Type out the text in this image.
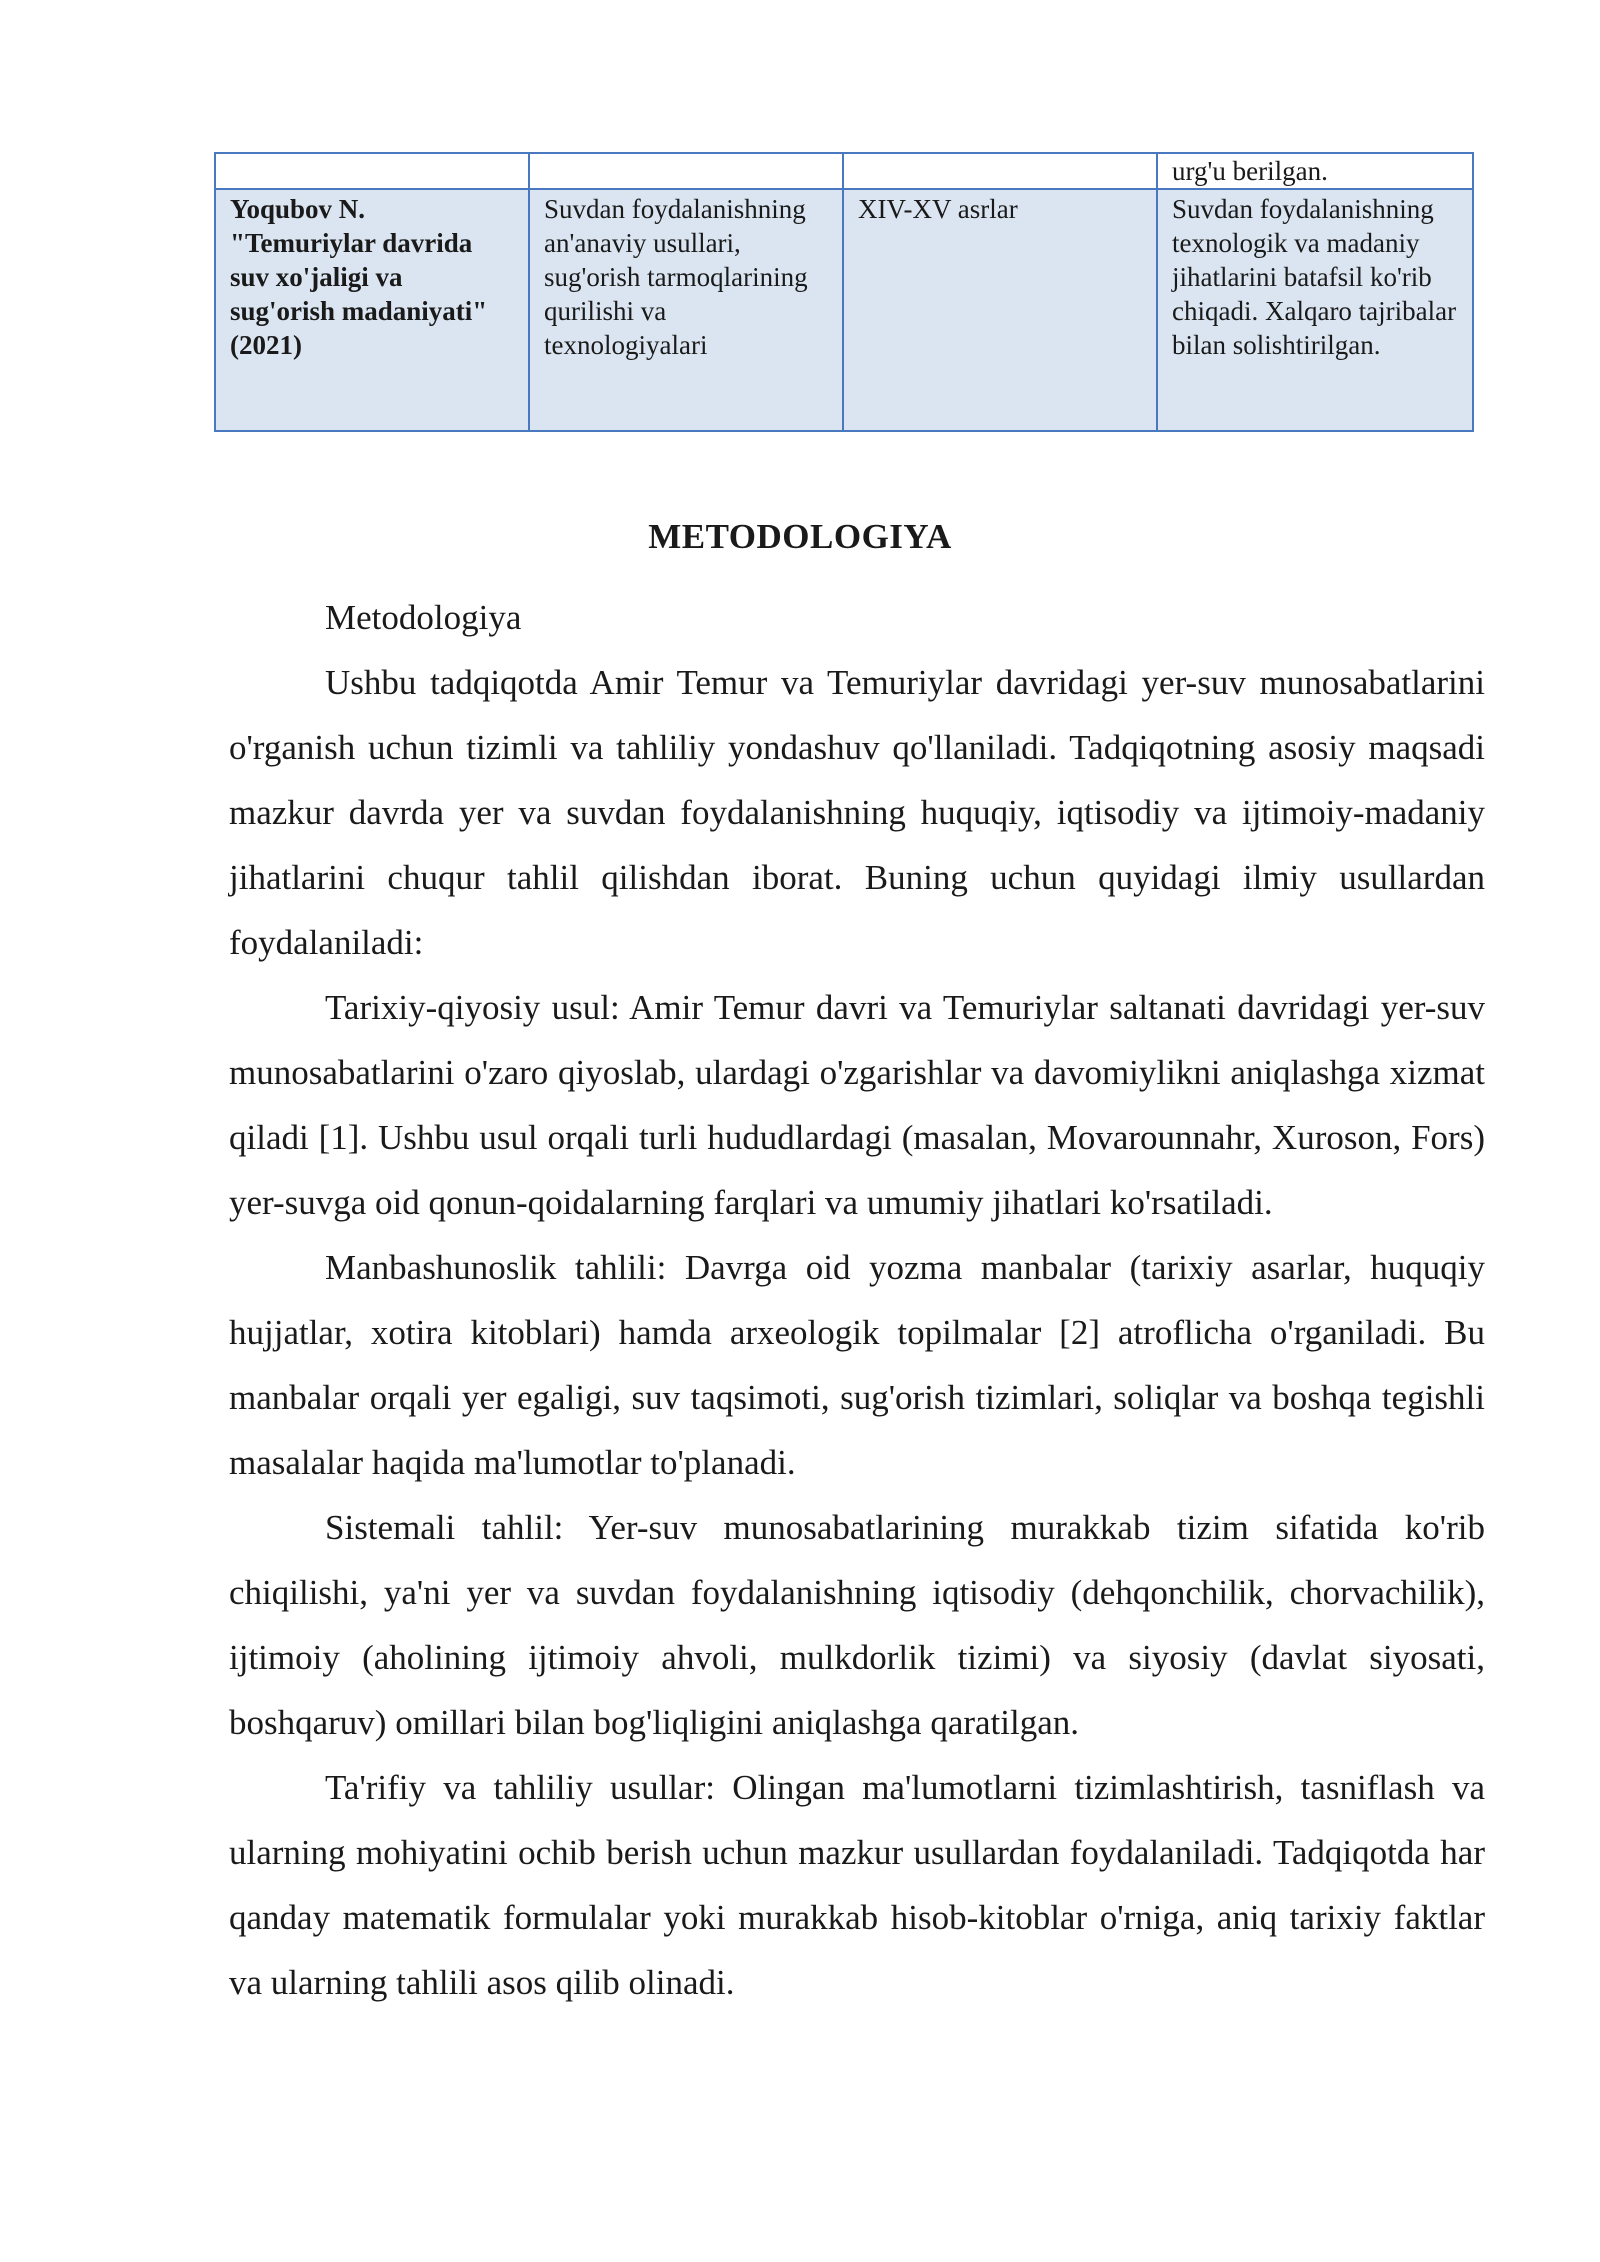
			urg'u berilgan.
Yoqubov N. "Temuriylar davrida suv xo'jaligi va sug'orish madaniyati" (2021)	Suvdan foydalanishning an'anaviy usullari, sug'orish tarmoqlarining qurilishi va texnologiyalari	XIV-XV asrlar	Suvdan foydalanishning texnologik va madaniy jihatlarini batafsil ko'rib chiqadi. Xalqaro tajribalar bilan solishtirilgan.
METODOLOGIYA

Metodologiya

Ushbu tadqiqotda Amir Temur va Temuriylar davridagi yer-suv munosabatlarini o'rganish uchun tizimli va tahliliy yondashuv qo'llaniladi. Tadqiqotning asosiy maqsadi mazkur davrda yer va suvdan foydalanishning huquqiy, iqtisodiy va ijtimoiy-madaniy jihatlarini chuqur tahlil qilishdan iborat. Buning uchun quyidagi ilmiy usullardan foydalaniladi:

Tarixiy-qiyosiy usul: Amir Temur davri va Temuriylar saltanati davridagi yer-suv munosabatlarini o'zaro qiyoslab, ulardagi o'zgarishlar va davomiylikni aniqlashga xizmat qiladi [1]. Ushbu usul orqali turli hududlardagi (masalan, Movarounnahr, Xuroson, Fors) yer-suvga oid qonun-qoidalarning farqlari va umumiy jihatlari ko'rsatiladi.

Manbashunoslik tahlili: Davrga oid yozma manbalar (tarixiy asarlar, huquqiy hujjatlar, xotira kitoblari) hamda arxeologik topilmalar [2] atroflicha o'rganiladi. Bu manbalar orqali yer egaligi, suv taqsimoti, sug'orish tizimlari, soliqlar va boshqa tegishli masalalar haqida ma'lumotlar to'planadi.

Sistemali tahlil: Yer-suv munosabatlarining murakkab tizim sifatida ko'rib chiqilishi, ya'ni yer va suvdan foydalanishning iqtisodiy (dehqonchilik, chorvachilik), ijtimoiy (aholining ijtimoiy ahvoli, mulkdorlik tizimi) va siyosiy (davlat siyosati, boshqaruv) omillari bilan bog'liqligini aniqlashga qaratilgan.

Ta'rifiy va tahliliy usullar: Olingan ma'lumotlarni tizimlashtirish, tasniflash va ularning mohiyatini ochib berish uchun mazkur usullardan foydalaniladi. Tadqiqotda har qanday matematik formulalar yoki murakkab hisob-kitoblar o'rniga, aniq tarixiy faktlar va ularning tahlili asos qilib olinadi.
